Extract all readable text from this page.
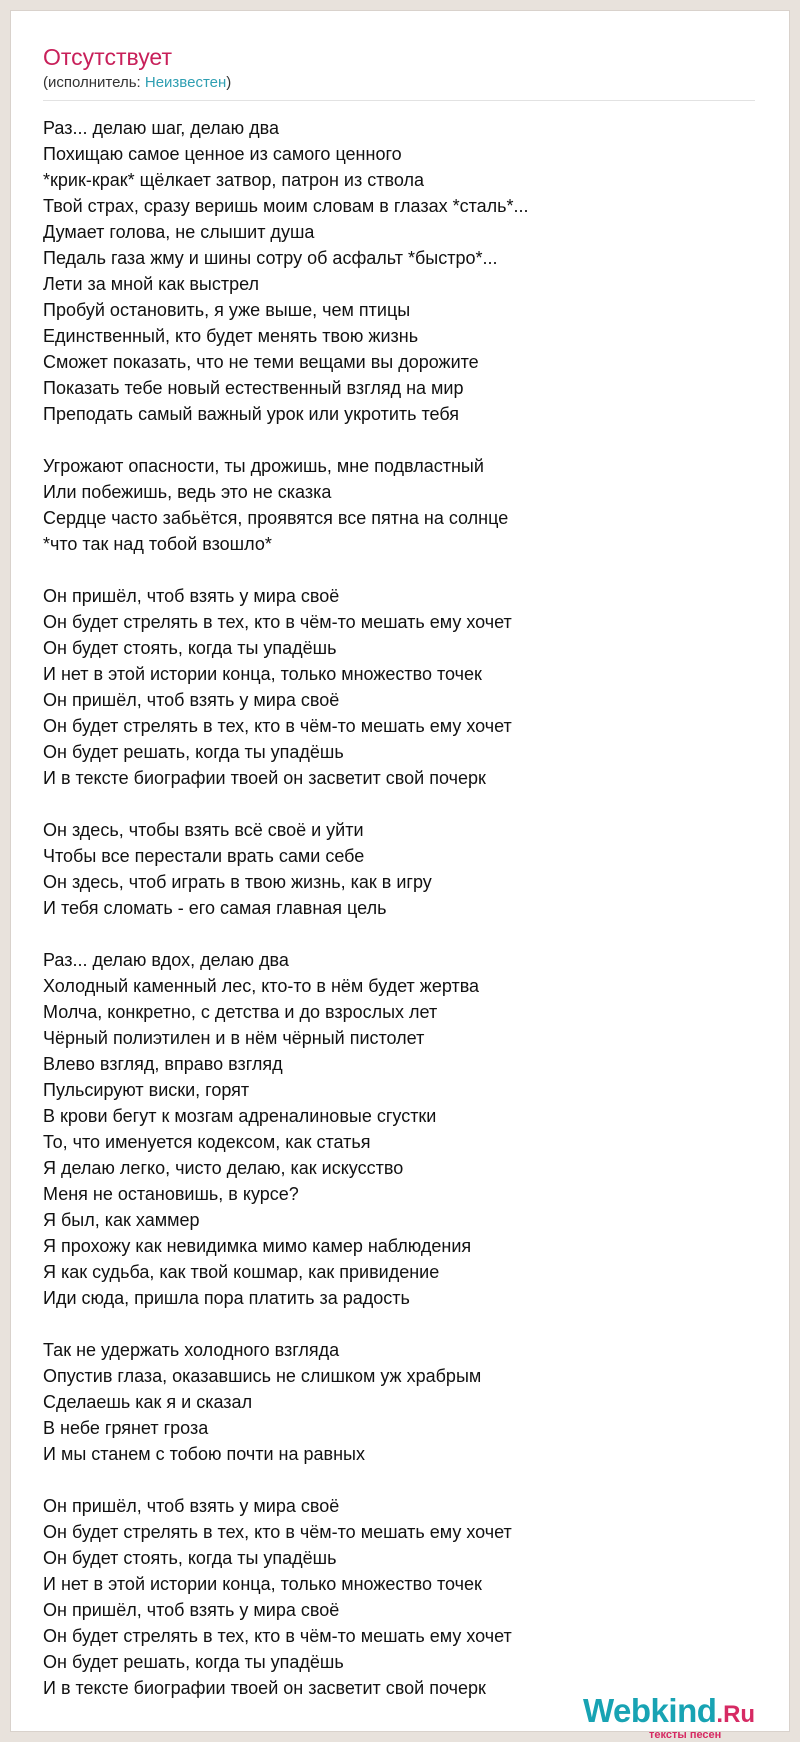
Отсутствует
(исполнитель: Неизвестен)
Раз... делаю шаг, делаю два
Похищаю самое ценное из самого ценного
*крик-крак* щёлкает затвор, патрон из ствола
Твой страх, сразу веришь моим словам в глазах *сталь*...
Думает голова, не слышит душа
Педаль газа жму и шины сотру об асфальт *быстро*...
Лети за мной как выстрел
Пробуй остановить, я уже выше, чем птицы
Единственный, кто будет менять твою жизнь
Сможет показать, что не теми вещами вы дорожите
Показать тебе новый естественный взгляд на мир
Преподать самый важный урок или укротить тебя
Угрожают опасности, ты дрожишь, мне подвластный
Или побежишь, ведь это не сказка
Сердце часто забьётся, проявятся все пятна на солнце
*что так над тобой взошло*
Он пришёл, чтоб взять у мира своё
Он будет стрелять в тех, кто в чём-то мешать ему хочет
Он будет стоять, когда ты упадёшь
И нет в этой истории конца, только множество точек
Он пришёл, чтоб взять у мира своё
Он будет стрелять в тех, кто в чём-то мешать ему хочет
Он будет решать, когда ты упадёшь
И в тексте биографии твоей он засветит свой почерк
Он здесь, чтобы взять всё своё и уйти
Чтобы все перестали врать сами себе
Он здесь, чтоб играть в твою жизнь, как в игру
И тебя сломать - его самая главная цель
Раз... делаю вдох, делаю два
Холодный каменный лес, кто-то в нём будет жертва
Молча, конкретно, с детства и до взрослых лет
Чёрный полиэтилен и в нём чёрный пистолет
Влево взгляд, вправо взгляд
Пульсируют виски, горят
В крови бегут к мозгам адреналиновые сгустки
То, что именуется кодексом, как статья
Я делаю легко, чисто делаю, как искусство
Меня не остановишь, в курсе?
Я был, как хаммер
Я прохожу как невидимка мимо камер наблюдения
Я как судьба, как твой кошмар, как привидение
Иди сюда, пришла пора платить за радость
Так не удержать холодного взгляда
Опустив глаза, оказавшись не слишком уж храбрым
Сделаешь как я и сказал
В небе грянет гроза
И мы станем с тобою почти на равных
Он пришёл, чтоб взять у мира своё
Он будет стрелять в тех, кто в чём-то мешать ему хочет
Он будет стоять, когда ты упадёшь
И нет в этой истории конца, только множество точек
Он пришёл, чтоб взять у мира своё
Он будет стрелять в тех, кто в чём-то мешать ему хочет
Он будет решать, когда ты упадёшь
И в тексте биографии твоей он засветит свой почерк
Webkind.Ru
тексты песен
